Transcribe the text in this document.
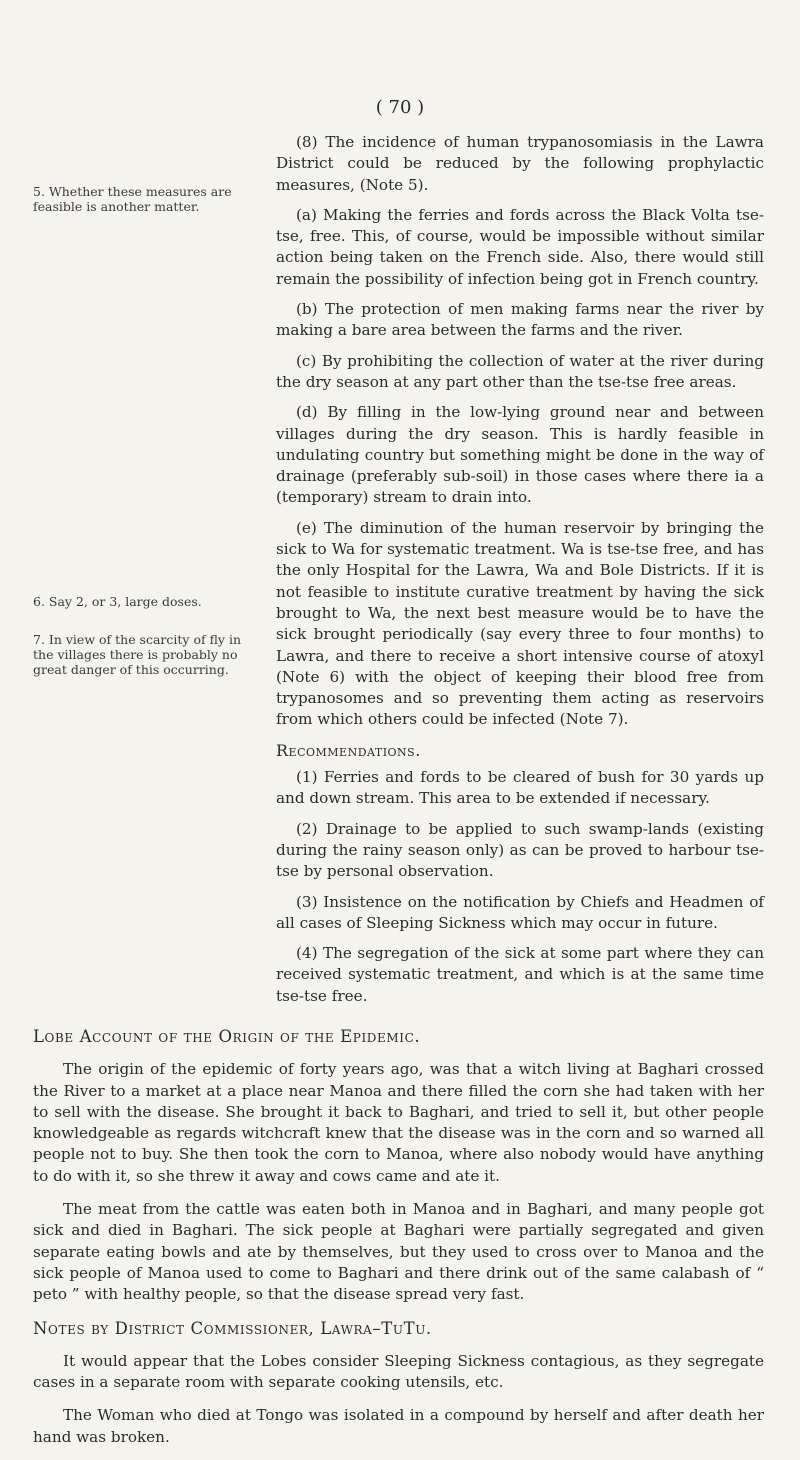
( 70 )
5. Whether these measures are feasible is another matter.
6. Say 2, or 3, large doses.
7. In view of the scarcity of fly in the villages there is probably no great danger of this occurring.

(8) The incidence of human trypanosomiasis in the Lawra District could be reduced by the following prophylactic measures, (Note 5).

(a) Making the ferries and fords across the Black Volta tse-tse, free. This, of course, would be impossible without similar action being taken on the French side. Also, there would still remain the possibility of infection being got in French country.

(b) The protection of men making farms near the river by making a bare area between the farms and the river.

(c) By prohibiting the collection of water at the river during the dry season at any part other than the tse-tse free areas.

(d) By filling in the low-lying ground near and between villages during the dry season. This is hardly feasible in undulating country but something might be done in the way of drainage (preferably sub-soil) in those cases where there ia a (temporary) stream to drain into.

(e) The diminution of the human reservoir by bringing the sick to Wa for systematic treatment. Wa is tse-tse free, and has the only Hospital for the Lawra, Wa and Bole Districts. If it is not feasible to institute curative treatment by having the sick brought to Wa, the next best measure would be to have the sick brought periodically (say every three to four months) to Lawra, and there to receive a short intensive course of atoxyl (Note 6) with the object of keeping their blood free from trypanosomes and so preventing them acting as reservoirs from which others could be infected (Note 7).

Recommendations.

(1) Ferries and fords to be cleared of bush for 30 yards up and down stream. This area to be extended if necessary.

(2) Drainage to be applied to such swamp-lands (existing during the rainy season only) as can be proved to harbour tse-tse by personal observation.

(3) Insistence on the notification by Chiefs and Headmen of all cases of Sleeping Sickness which may occur in future.

(4) The segregation of the sick at some part where they can received systematic treatment, and which is at the same time tse-tse free.

Lobe Account of the Origin of the Epidemic.

The origin of the epidemic of forty years ago, was that a witch living at Baghari crossed the River to a market at a place near Manoa and there filled the corn she had taken with her to sell with the disease. She brought it back to Baghari, and tried to sell it, but other people knowledgeable as regards witchcraft knew that the disease was in the corn and so warned all people not to buy. She then took the corn to Manoa, where also nobody would have anything to do with it, so she threw it away and cows came and ate it.

The meat from the cattle was eaten both in Manoa and in Baghari, and many people got sick and died in Baghari. The sick people at Baghari were partially segregated and given separate eating bowls and ate by themselves, but they used to cross over to Manoa and the sick people of Manoa used to come to Baghari and there drink out of the same calabash of “ peto ” with healthy people, so that the disease spread very fast.

Notes by District Commissioner, Lawra–TuTu.

It would appear that the Lobes consider Sleeping Sickness contagious, as they segregate cases in a separate room with separate cooking utensils, etc.

The Woman who died at Tongo was isolated in a compound by herself and after death her hand was broken.
